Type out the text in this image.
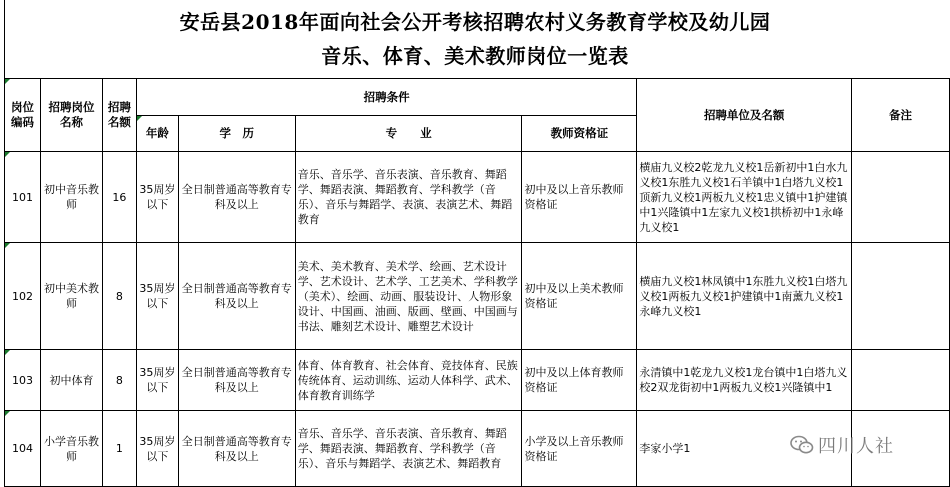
安岳县2018年面向社会公开考核招聘农村义务教育学校及幼儿园
音乐、体育、美术教师岗位一览表
岗位编码	招聘岗位名称	招聘名额	招聘条件				招聘单位及名额	备注
			年龄	学　历	专　　业	教师资格证		
101	初中音乐教师	16	35周岁以下	全日制普通高等教育专科及以上	音乐、音乐学、音乐表演、音乐教育、舞蹈学、舞蹈表演、舞蹈教育、学科教学（音乐）、音乐与舞蹈学、表演、表演艺术、舞蹈教育	初中及以上音乐教师资格证	横庙九义校2乾龙九义校1岳新初中1白水九义校1东胜九义校1石羊镇中1白塔九义校1顶新九义校1两板九义校1忠义镇中1护建镇中1兴隆镇中1左家九义校1拱桥初中1永峰九义校1	
102	初中美术教师	8	35周岁以下	全日制普通高等教育专科及以上	美术、美术教育、美术学、绘画、艺术设计学、艺术设计、艺术学、工艺美术、学科教学（美术）、绘画、动画、服装设计、人物形象设计、中国画、油画、版画、壁画、中国画与书法、雕刻艺术设计、雕塑艺术设计	初中及以上美术教师资格证	横庙九义校1林凤镇中1东胜九义校1白塔九义校1两板九义校1护建镇中1南薰九义校1永峰九义校1	
103	初中体育	8	35周岁以下	全日制普通高等教育专科及以上	体育、体育教育、社会体育、竞技体育、民族传统体育、运动训练、运动人体科学、武术、体育教育训练学	初中及以上体育教师资格证	永清镇中1乾龙九义校1龙台镇中1白塔九义校2双龙街初中1两板九义校1兴隆镇中1	
104	小学音乐教师	1	35周岁以下	全日制普通高等教育专科及以上	音乐、音乐学、音乐表演、音乐教育、舞蹈学、舞蹈表演、舞蹈教育、学科教学（音乐）、音乐与舞蹈学、表演艺术、舞蹈教育	小学及以上音乐教师资格证	李家小学1		四川人社
